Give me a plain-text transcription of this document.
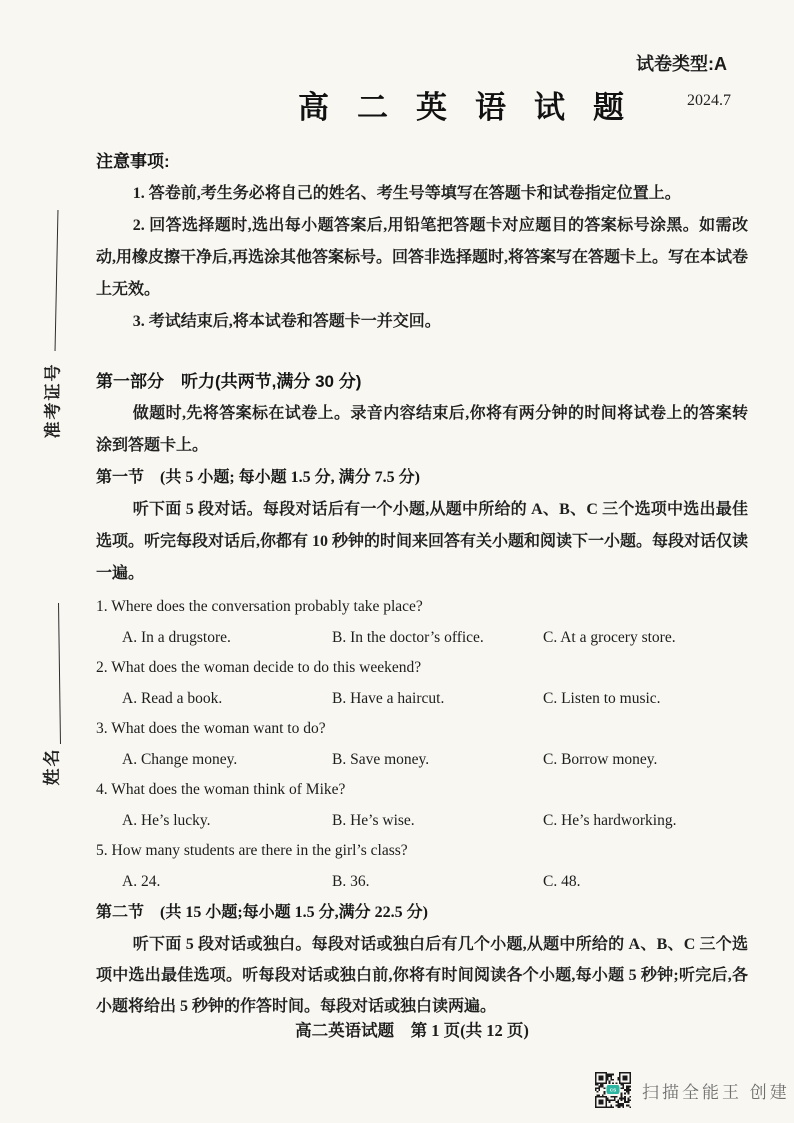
试卷类型:A
高二英语试题 2024.7
准考证号
姓名
注意事项:

1. 答卷前,考生务必将自己的姓名、考生号等填写在答题卡和试卷指定位置上。

2. 回答选择题时,选出每小题答案后,用铅笔把答题卡对应题目的答案标号涂黑。如需改动,用橡皮擦干净后,再选涂其他答案标号。回答非选择题时,将答案写在答题卡上。写在本试卷上无效。

3. 考试结束后,将本试卷和答题卡一并交回。

第一部分　听力(共两节,满分 30 分)

做题时,先将答案标在试卷上。录音内容结束后,你将有两分钟的时间将试卷上的答案转涂到答题卡上。

第一节　(共 5 小题; 每小题 1.5 分, 满分 7.5 分)

听下面 5 段对话。每段对话后有一个小题,从题中所给的 A、B、C 三个选项中选出最佳选项。听完每段对话后,你都有 10 秒钟的时间来回答有关小题和阅读下一小题。每段对话仅读一遍。

1. Where does the conversation probably take place?

A. In a drugstore.	B. In the doctor’s office.	C. At a grocery store.

2. What does the woman decide to do this weekend?

A. Read a book.	B. Have a haircut.	C. Listen to music.

3. What does the woman want to do?

A. Change money.	B. Save money.	C. Borrow money.

4. What does the woman think of Mike?

A. He’s lucky.	B. He’s wise.	C. He’s hardworking.

5. How many students are there in the girl’s class?

A. 24.	B. 36.	C. 48.
第二节　(共 15 小题;每小题 1.5 分,满分 22.5 分)

听下面 5 段对话或独白。每段对话或独白后有几个小题,从题中所给的 A、B、C 三个选项中选出最佳选项。听每段对话或独白前,你将有时间阅读各个小题,每小题 5 秒钟;听完后,各小题将给出 5 秒钟的作答时间。每段对话或独白读两遍。

高二英语试题　第 1 页(共 12 页)
CS 扫描全能王 创建
